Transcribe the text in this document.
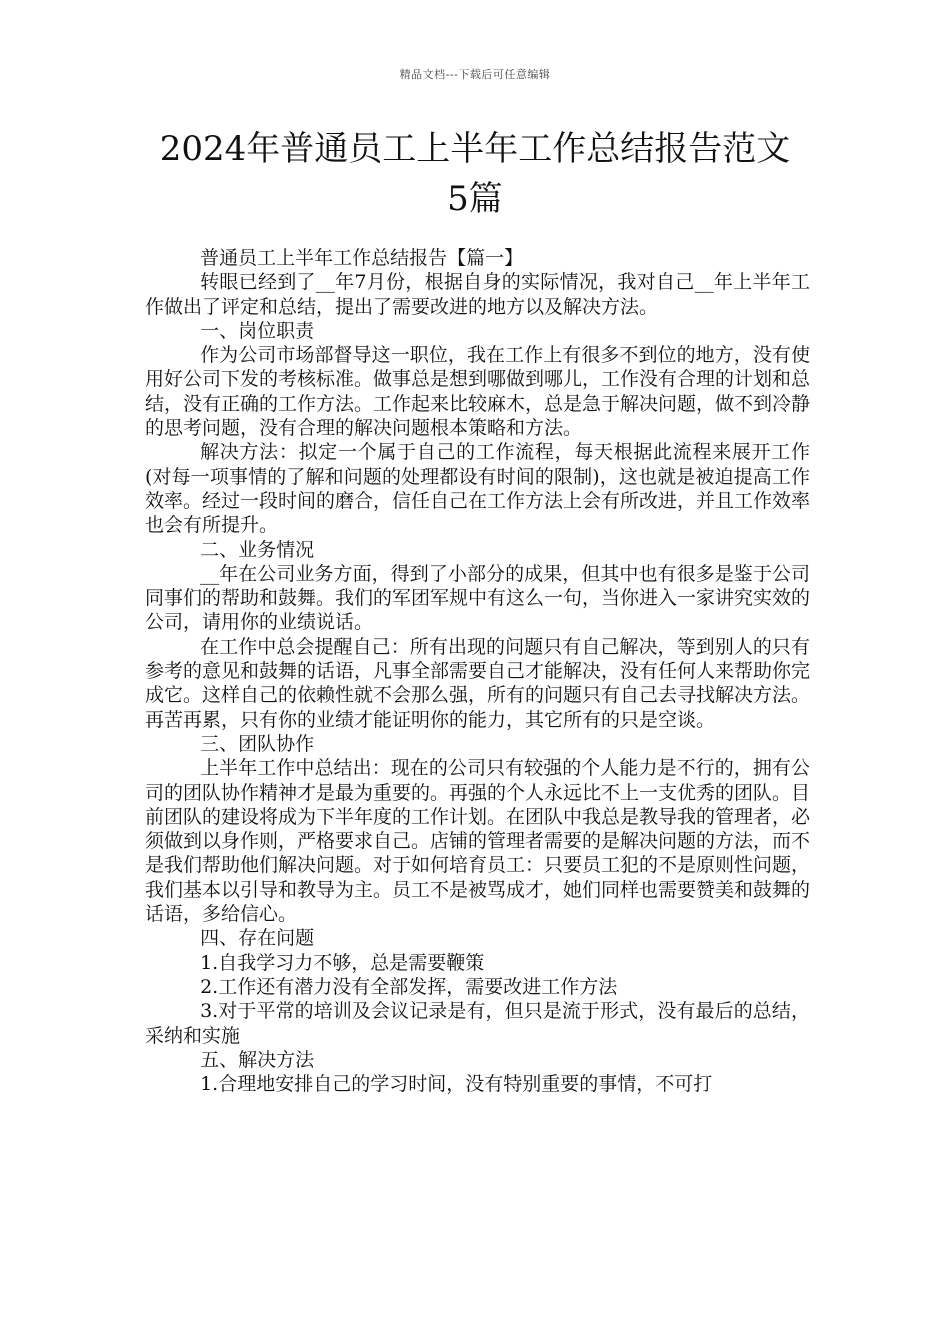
精品文档---下载后可任意编辑
2024年普通员工上半年工作总结报告范文
5篇

普通员工上半年工作总结报告【篇一】

转眼已经到了__年7月份，根据自身的实际情况，我对自己__年上半年工作做出了评定和总结，提出了需要改进的地方以及解决方法。

一、岗位职责

作为公司市场部督导这一职位，我在工作上有很多不到位的地方，没有使用好公司下发的考核标准。做事总是想到哪做到哪儿，工作没有合理的计划和总结，没有正确的工作方法。工作起来比较麻木，总是急于解决问题，做不到冷静的思考问题，没有合理的解决问题根本策略和方法。

解决方法：拟定一个属于自己的工作流程，每天根据此流程来展开工作(对每一项事情的了解和问题的处理都设有时间的限制)，这也就是被迫提高工作效率。经过一段时间的磨合，信任自己在工作方法上会有所改进，并且工作效率也会有所提升。

二、业务情况

__年在公司业务方面，得到了小部分的成果，但其中也有很多是鉴于公司同事们的帮助和鼓舞。我们的军团军规中有这么一句，当你进入一家讲究实效的公司，请用你的业绩说话。

在工作中总会提醒自己：所有出现的问题只有自己解决，等到别人的只有参考的意见和鼓舞的话语，凡事全部需要自己才能解决，没有任何人来帮助你完成它。这样自己的依赖性就不会那么强，所有的问题只有自己去寻找解决方法。再苦再累，只有你的业绩才能证明你的能力，其它所有的只是空谈。

三、团队协作

上半年工作中总结出：现在的公司只有较强的个人能力是不行的，拥有公司的团队协作精神才是最为重要的。再强的个人永远比不上一支优秀的团队。目前团队的建设将成为下半年度的工作计划。在团队中我总是教导我的管理者，必须做到以身作则，严格要求自己。店铺的管理者需要的是解决问题的方法，而不是我们帮助他们解决问题。对于如何培育员工：只要员工犯的不是原则性问题，我们基本以引导和教导为主。员工不是被骂成才，她们同样也需要赞美和鼓舞的话语，多给信心。

四、存在问题

1.自我学习力不够，总是需要鞭策

2.工作还有潜力没有全部发挥，需要改进工作方法

3.对于平常的培训及会议记录是有，但只是流于形式，没有最后的总结，采纳和实施

五、解决方法

1.合理地安排自己的学习时间，没有特别重要的事情，不可打
